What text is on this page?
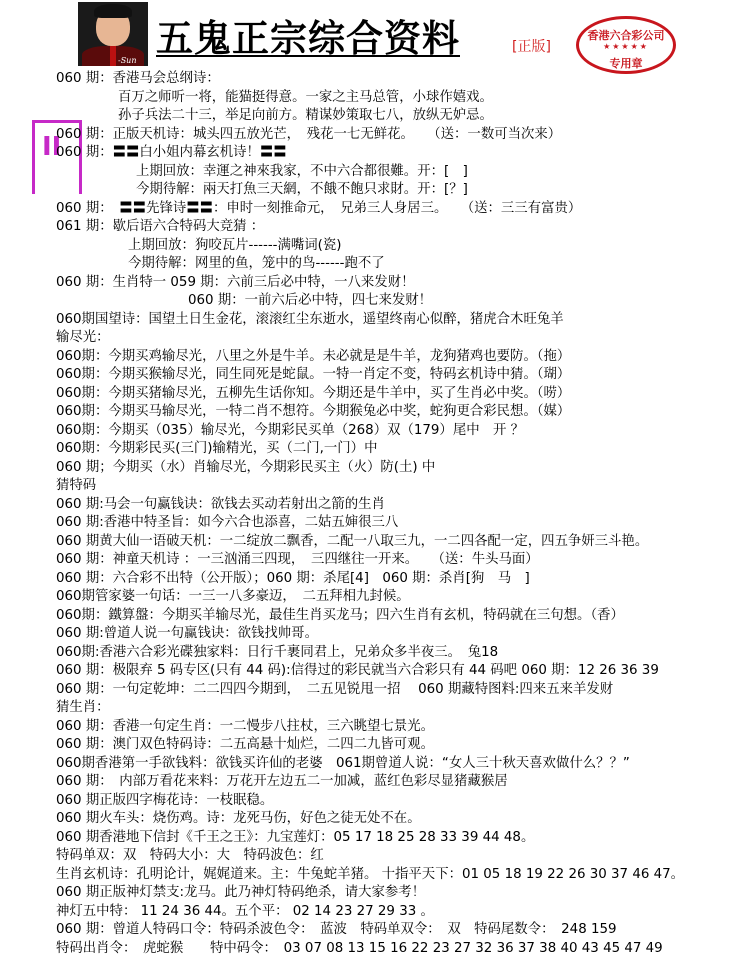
-Sun
五鬼正宗综合资料	[正版]
香港六合彩公司
★★★★★
专用章
II
060 期：香港马会总纲诗：
百万之师听一将，能猫挺得意。一家之主马总管，小球作嬉戏。
孙子兵法二十三，举足向前方。精谋妙策取七八，放纵无妒忌。
060 期：正版天机诗：城头四五放光芒，　残花一七无鲜花。　　（送：一数可当次来）
060 期：〓〓白小姐内幕玄机诗！〓〓
上期回放：幸運之神來我家，不中六合都很難。开：[　]
今期待解：兩天打魚三天網，不餓不飽只求財。开：[？]
060 期：　〓〓先锋诗〓〓：申时一刻推命元，　兄弟三人身居三。　　（送：三三有富贵）
061 期：歇后语六合特码大竞猜 ：
上期回放：狗咬瓦片------满嘴词(瓷)
今期待解：网里的鱼，笼中的鸟------跑不了
060 期：生肖特一 059 期：六前三后必中特，一八来发财！
060 期：一前六后必中特，四七来发财！
060期国望诗：国望土日生金花，滚滚红尘东逝水，遥望终南心似醉，猪虎合木旺兔羊
输尽光：
060期：今期买鸡输尽光，八里之外是牛羊。未必就是是牛羊，龙狗猪鸡也要防。（拖）
060期：今期买猴输尽光，同生同死是蛇鼠。一特一肖定不变，特码玄机诗中猜。（瑚）
060期：今期买猪输尽光，五柳先生话你知。今期还是牛羊中，买了生肖必中奖。（唠）
060期：今期买马输尽光，一特二肖不想符。今期猴兔必中奖，蛇狗更合彩民想。（媒）
060期：今期买（035）输尽光，今期彩民买单（268）双（179）尾中　开 ？
060期：今期彩民买(三门)输精光，买（二门,一门）中
060 期；今期买（水）肖输尽光，今期彩民买主（火）防(土) 中
猜特码
060 期:马会一句赢钱诀：欲钱去买动若射出之箭的生肖
060 期:香港中特圣旨：如今六合也添喜，二姑五婶很三八
060 期黄大仙一语破天机：一二绽放二飘香，二配一八取三九，一二四各配一定，四五争妍三斗艳。
060 期：神童天机诗 ：一三汹涌三四现，　三四继往一开来。　　（送：牛头马面）
060 期：六合彩不出特（公开版）；060 期：杀尾[4]　060 期：杀肖[狗　马　]
060期管家婆一句话：一三一八多豪迈，　二五拜相九封候。
060期：鐵算盤：今期买羊输尽光，最佳生肖买龙马；四六生肖有玄机，特码就在三句想。（香）
060 期:曾道人说一句赢钱诀：欲钱找帅哥。
060期:香港六合彩光碟独家料：日行千裹同君上，兄弟众多半夜三。　兔18
060 期：极限弃 5 码专区(只有 44 码):信得过的彩民就当六合彩只有 44 码吧 060 期：12 26 36 39
060 期：一句定乾坤：二二四四今期到，　二五见锐甩一招　 060 期藏特图料:四来五来羊发财
猜生肖：
060 期：香港一句定生肖：一二慢步八拄杖，三六眺望七景光。
060 期：澳门双色特码诗：二五高悬十灿烂，二四二九皆可观。
060期香港第一手欲钱料：欲钱买许仙的老婆　061期曾道人说：“女人三十秋天喜欢做什么？？”
060 期：　内部万看花来料：万花开左边五二一加减，蓝红色彩尽显猪藏猴居
060 期正版四字梅花诗：一枝眠稳。
060 期火车头：烧伤鸡。诗：龙死马伤，好色之徒无处不在。
060 期香港地下信封《千王之王》：九宝莲灯：05 17 18 25 28 33 39 44 48。
特码单双：双　特码大小：大　特码波色：红
生肖玄机诗：孔明论计，娓娓道来。主：牛兔蛇羊猪。 十指平天下：01 05 18 19 22 26 30 37 46 47。
060 期正版神灯禁支:龙马。此乃神灯特码绝杀，请大家参考！
神灯五中特： 11 24 36 44。五个平： 02 14 23 27 29 33 。
060 期：曾道人特码口令：特码杀波色令：　蓝波　特码单双令：　双　特码尾数令：　248 159
特码出肖令：　虎蛇猴　　特中码令：　03 07 08 13 15 16 22 23 27 32 36 37 38 40 43 45 47 49
